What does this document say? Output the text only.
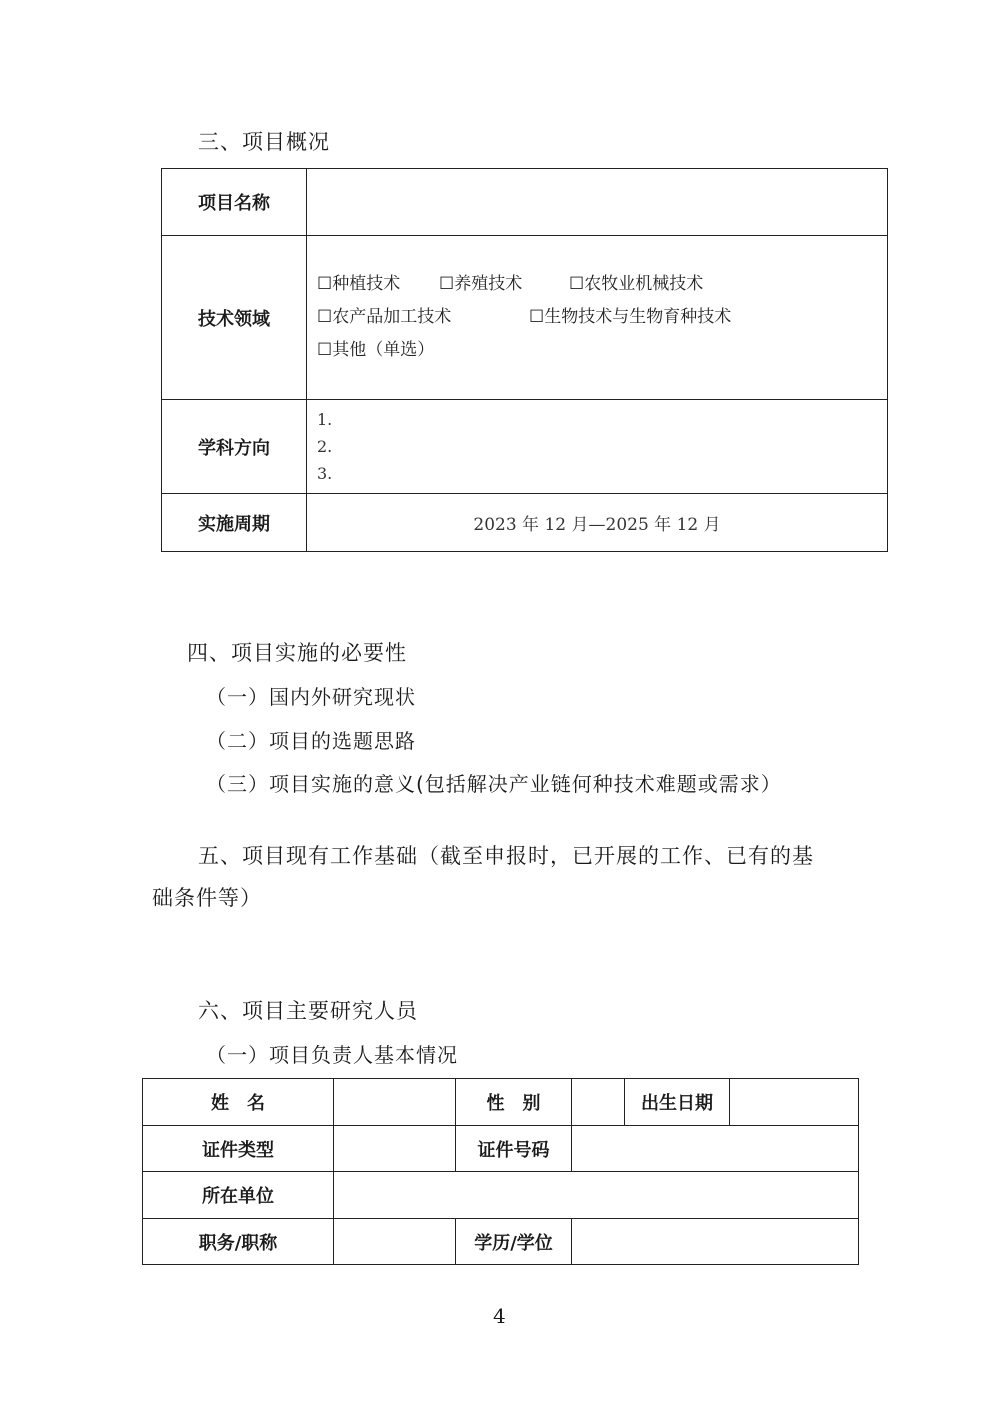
三、项目概况
项目名称	
技术领域	☐种植技术 ☐养殖技术 ☐农牧业机械技术
☐农产品加工技术 ☐生物技术与生物育种技术
☐其他（单选）

学科方向	1.
2.
3.

实施周期	2023 年 12 月—2025 年 12 月
四、项目实施的必要性
（一）国内外研究现状
（二）项目的选题思路
（三）项目实施的意义(包括解决产业链何种技术难题或需求）
五、项目现有工作基础（截至申报时，已开展的工作、已有的基
础条件等）
六、项目主要研究人员
（一）项目负责人基本情况
姓　名		性　别		出生日期	
证件类型		证件号码			
所在单位					
职务/职称		学历/学位			
4
